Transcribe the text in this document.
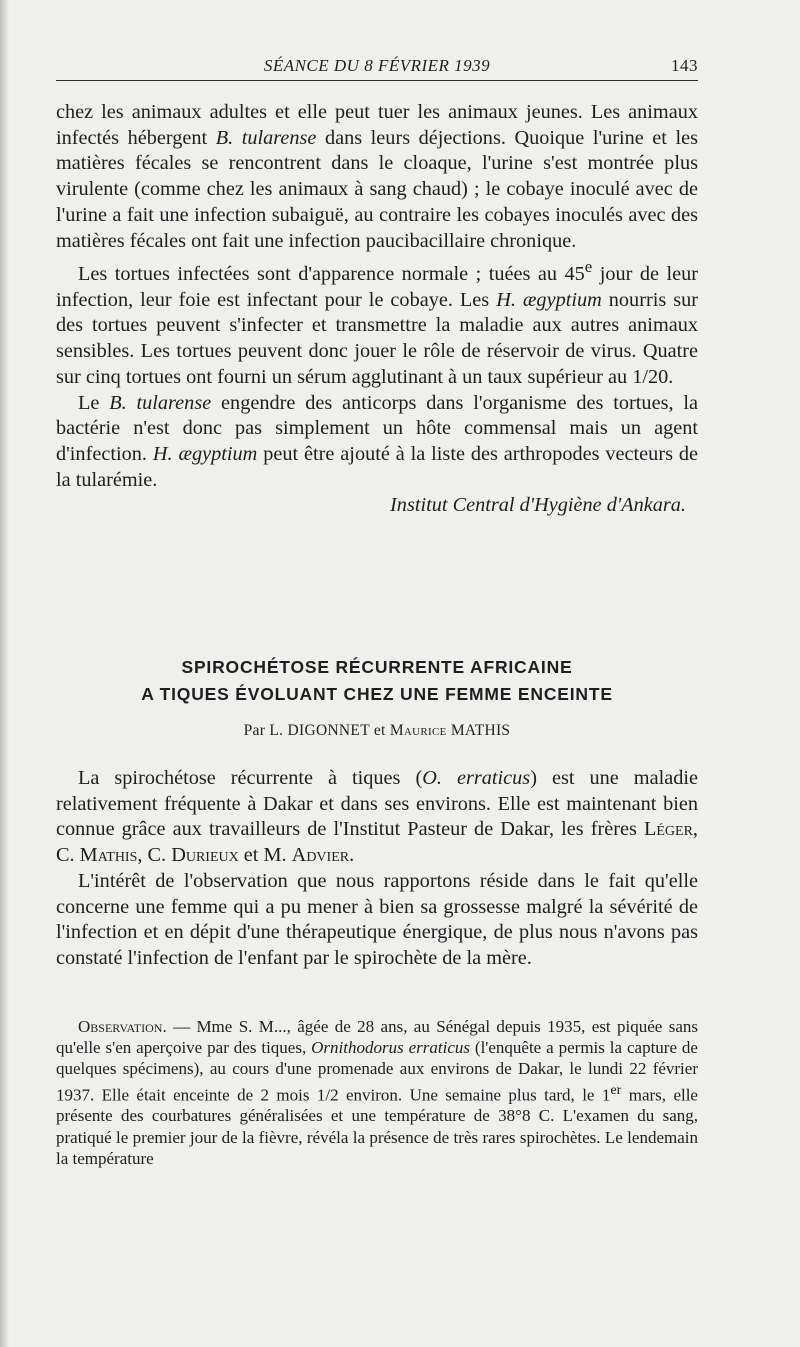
SÉANCE DU 8 FÉVRIER 1939	143

chez les animaux adultes et elle peut tuer les animaux jeunes. Les animaux infectés hébergent B. tularense dans leurs déjections. Quoique l'urine et les matières fécales se rencontrent dans le cloaque, l'urine s'est montrée plus virulente (comme chez les animaux à sang chaud) ; le cobaye inoculé avec de l'urine a fait une infection subaiguë, au contraire les cobayes inoculés avec des matières fécales ont fait une infection paucibacillaire chronique.

Les tortues infectées sont d'apparence normale ; tuées au 45e jour de leur infection, leur foie est infectant pour le cobaye. Les H. ægyptium nourris sur des tortues peuvent s'infecter et transmettre la maladie aux autres animaux sensibles. Les tortues peuvent donc jouer le rôle de réservoir de virus. Quatre sur cinq tortues ont fourni un sérum agglutinant à un taux supérieur au 1/20.

Le B. tularense engendre des anticorps dans l'organisme des tortues, la bactérie n'est donc pas simplement un hôte commensal mais un agent d'infection. H. ægyptium peut être ajouté à la liste des arthropodes vecteurs de la tularémie.

Institut Central d'Hygiène d'Ankara.

SPIROCHÉTOSE RÉCURRENTE AFRICAINE
A TIQUES ÉVOLUANT CHEZ UNE FEMME ENCEINTE
Par L. DIGONNET et Maurice MATHIS

La spirochétose récurrente à tiques (O. erraticus) est une maladie relativement fréquente à Dakar et dans ses environs. Elle est maintenant bien connue grâce aux travailleurs de l'Institut Pasteur de Dakar, les frères Léger, C. Mathis, C. Durieux et M. Advier.

L'intérêt de l'observation que nous rapportons réside dans le fait qu'elle concerne une femme qui a pu mener à bien sa grossesse malgré la sévérité de l'infection et en dépit d'une thérapeutique énergique, de plus nous n'avons pas constaté l'infection de l'enfant par le spirochète de la mère.

Observation. — Mme S. M..., âgée de 28 ans, au Sénégal depuis 1935, est piquée sans qu'elle s'en aperçoive par des tiques, Ornithodorus erraticus (l'enquête a permis la capture de quelques spécimens), au cours d'une promenade aux environs de Dakar, le lundi 22 février 1937. Elle était enceinte de 2 mois 1/2 environ. Une semaine plus tard, le 1er mars, elle présente des courbatures généralisées et une température de 38°8 C. L'examen du sang, pratiqué le premier jour de la fièvre, révéla la présence de très rares spirochètes. Le lendemain la température
